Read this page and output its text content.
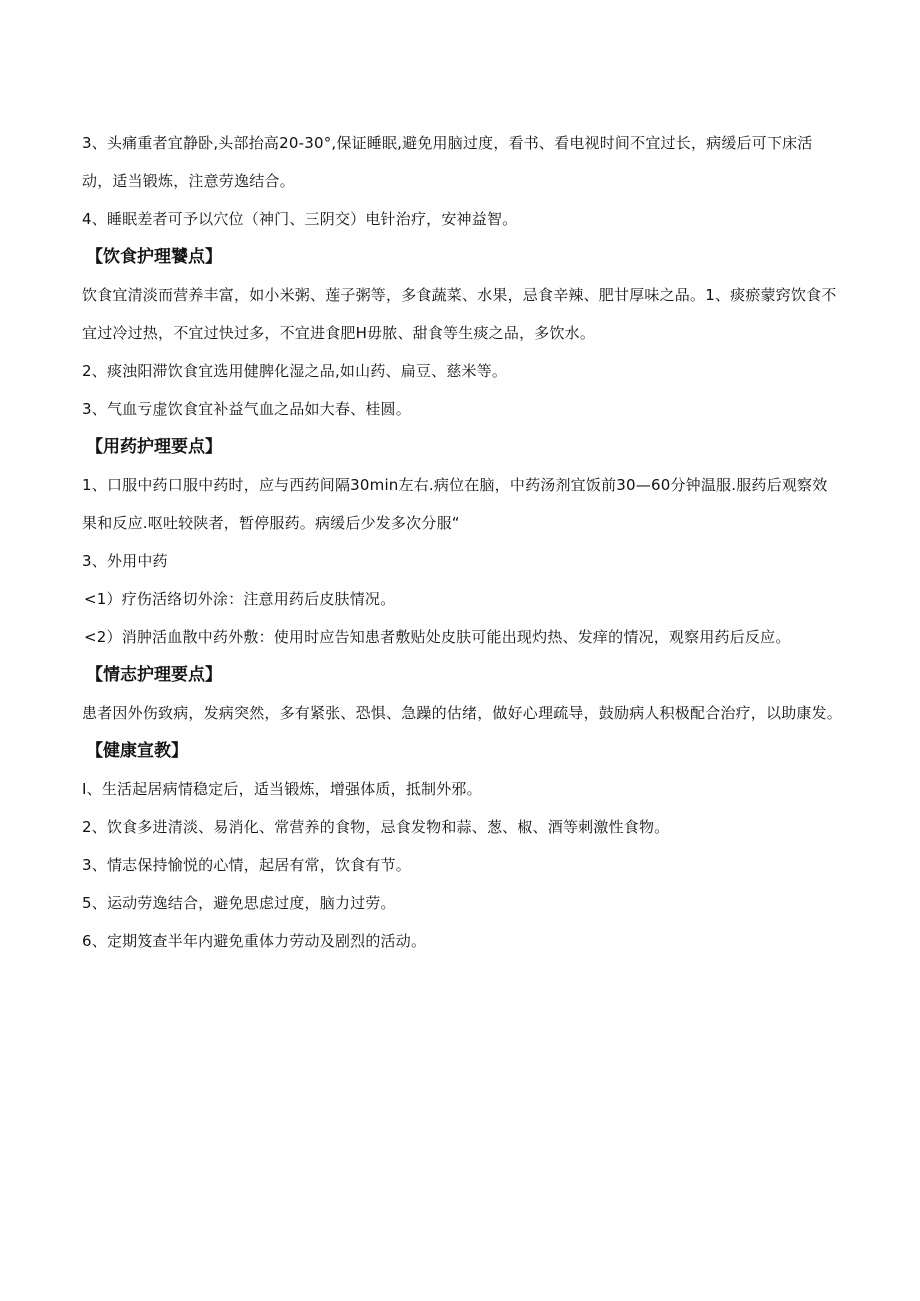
3、头痛重者宜静卧,头部抬高20-30°,保证睡眠,避免用脑过度，看书、看电视时间不宜过长，病缓后可下床活动，适当锻炼，注意劳逸结合。

4、睡眠差者可予以穴位（神门、三阴交）电针治疗，安神益智。

【饮食护理饕点】

饮食宜清淡而营养丰富，如小米粥、莲子粥等，多食蔬菜、水果，忌食辛辣、肥甘厚味之品。1、痰瘀蒙窍饮食不宜过冷过热，不宜过快过多，不宜进食肥H毋脓、甜食等生痰之品，多饮水。

2、痰浊阳滞饮食宜选用健脾化湿之品,如山药、扁豆、慈米等。

3、气血亏虚饮食宜补益气血之品如大春、桂圆。

【用药护理要点】

1、口服中药口服中药时，应与西药间隔30min左右.病位在脑，中药汤剂宜饭前30—60分钟温服.服药后观察效果和反应.呕吐较陕者，暂停服药。病缓后少发多次分服“

3、外用中药

<1）疗伤活络切外涂：注意用药后皮肤情况。

<2）消肿活血散中药外敷：使用时应告知患者敷贴处皮肤可能出现灼热、发痒的情况，观察用药后反应。

【情志护理要点】

患者因外伤致病，发病突然，多有紧张、恐惧、急躁的估绪，做好心理疏导，鼓励病人积极配合治疗，以助康发。

【健康宣教】

I、生活起居病情稳定后，适当锻炼，增强体质，抵制外邪。

2、饮食多进清淡、易消化、常营养的食物，忌食发物和蒜、葱、椒、酒等刺激性食物。

3、情志保持愉悦的心情，起居有常，饮食有节。

5、运动劳逸结合，避免思虑过度，脑力过劳。

6、定期笈查半年内避免重体力劳动及剧烈的活动。
